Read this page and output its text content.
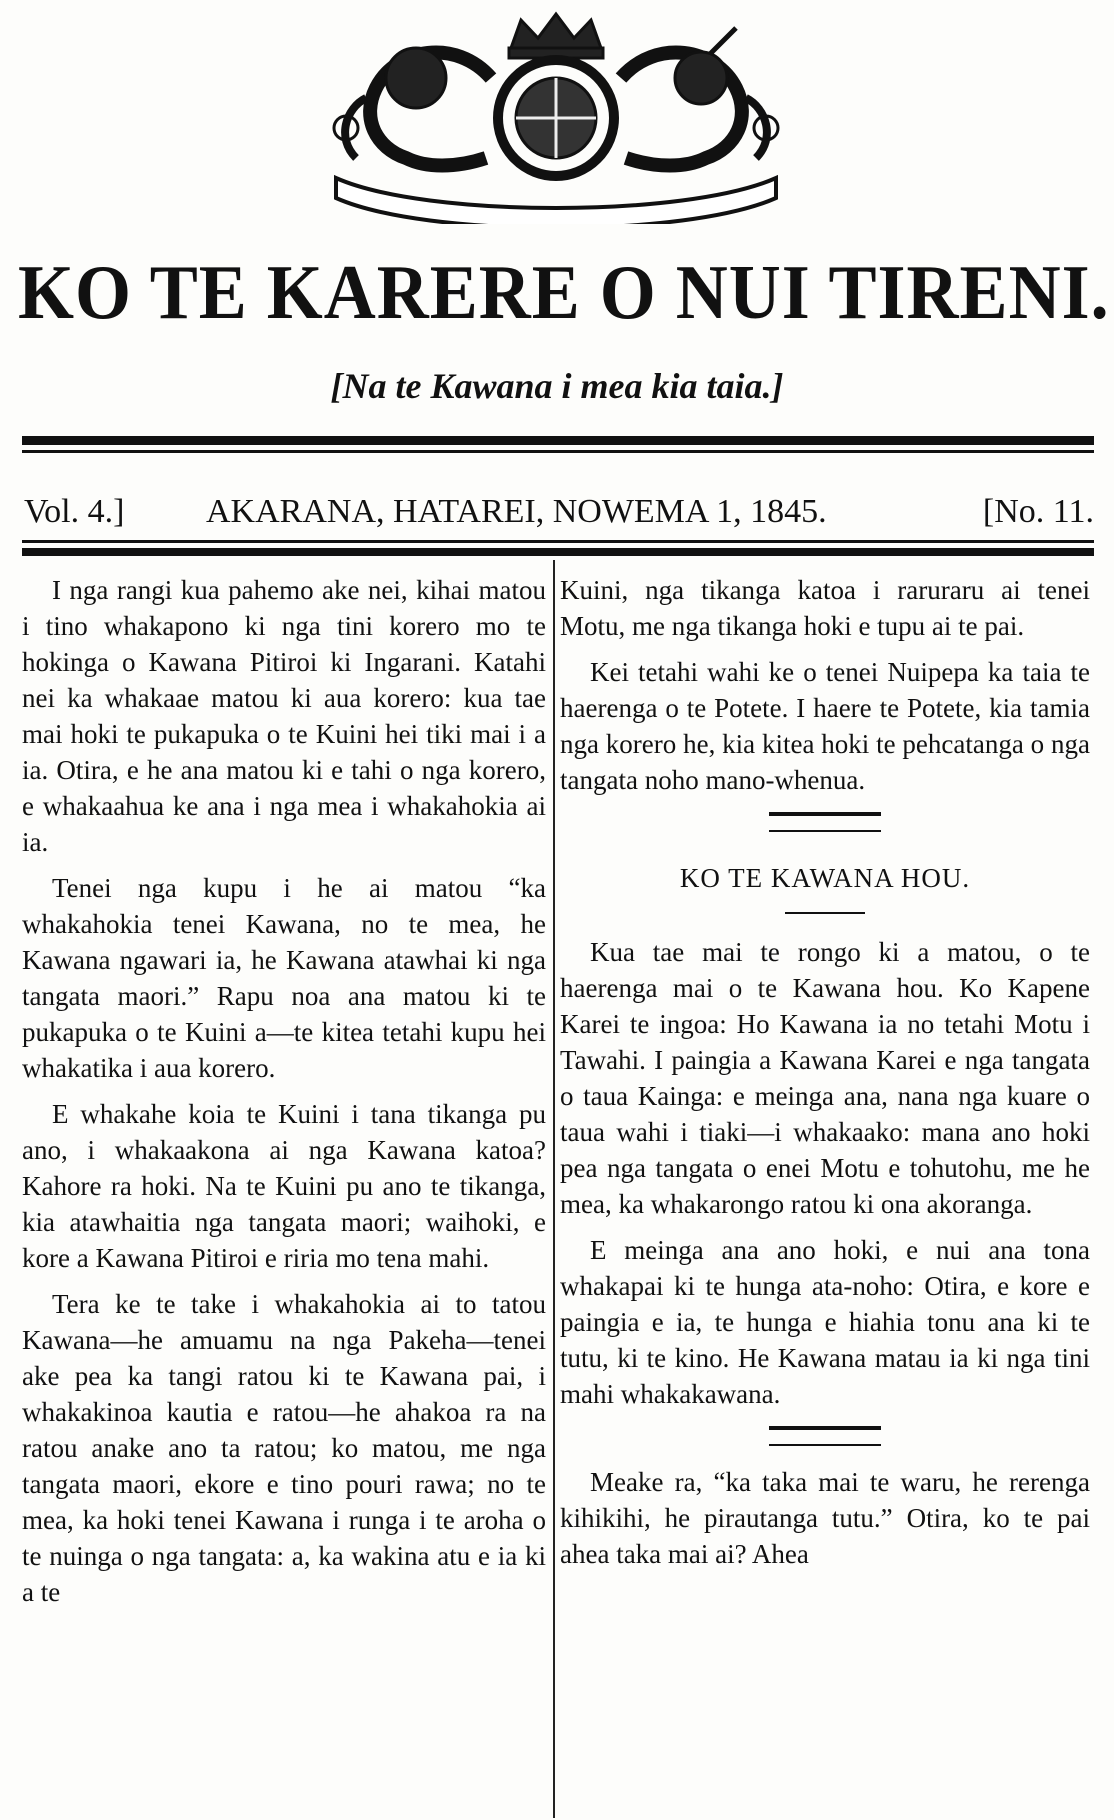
KO TE KARERE O NUI TIRENI.
[Na te Kawana i mea kia taia.]
Vol. 4.] AKARANA, HATAREI, NOWEMA 1, 1845.	[No. 11.

I nga rangi kua pahemo ake nei, kihai matou i tino whakapono ki nga tini korero mo te hokinga o Kawana Pitiroi ki Ingarani. Katahi nei ka whakaae matou ki aua korero: kua tae mai hoki te pukapuka o te Kuini hei tiki mai i a ia. Otira, e he ana matou ki e tahi o nga korero, e whakaahua ke ana i nga mea i whakahokia ai ia.

Tenei nga kupu i he ai matou “ka whakahokia tenei Kawana, no te mea, he Kawana ngawari ia, he Kawana atawhai ki nga tangata maori.” Rapu noa ana matou ki te pukapuka o te Kuini a—te kitea tetahi kupu hei whakatika i aua korero.

E whakahe koia te Kuini i tana tikanga pu ano, i whakaakona ai nga Kawana katoa? Kahore ra hoki. Na te Kuini pu ano te tikanga, kia atawhaitia nga tangata maori; waihoki, e kore a Kawana Pitiroi e riria mo tena mahi.

Tera ke te take i whakahokia ai to tatou Kawana—he amuamu na nga Pakeha—tenei ake pea ka tangi ratou ki te Kawana pai, i whakakinoa kautia e ratou—he ahakoa ra na ratou anake ano ta ratou; ko matou, me nga tangata maori, ekore e tino pouri rawa; no te mea, ka hoki tenei Kawana i runga i te aroha o te nuinga o nga tangata: a, ka wakina atu e ia ki a te

Kuini, nga tikanga katoa i raruraru ai tenei Motu, me nga tikanga hoki e tupu ai te pai.

Kei tetahi wahi ke o tenei Nuipepa ka taia te haerenga o te Potete. I haere te Potete, kia tamia nga korero he, kia kitea hoki te pehcatanga o nga tangata noho mano-whenua.

KO TE KAWANA HOU.

Kua tae mai te rongo ki a matou, o te haerenga mai o te Kawana hou. Ko Kapene Karei te ingoa: Ho Kawana ia no tetahi Motu i Tawahi. I paingia a Kawana Karei e nga tangata o taua Kainga: e meinga ana, nana nga kuare o taua wahi i tiaki—i whakaako: mana ano hoki pea nga tangata o enei Motu e tohutohu, me he mea, ka whakarongo ratou ki ona akoranga.

E meinga ana ano hoki, e nui ana tona whakapai ki te hunga ata-noho: Otira, e kore e paingia e ia, te hunga e hiahia tonu ana ki te tutu, ki te kino. He Kawana matau ia ki nga tini mahi whakakawana.

Meake ra, “ka taka mai te waru, he rerenga kihikihi, he pirautanga tutu.” Otira, ko te pai ahea taka mai ai? Ahea
